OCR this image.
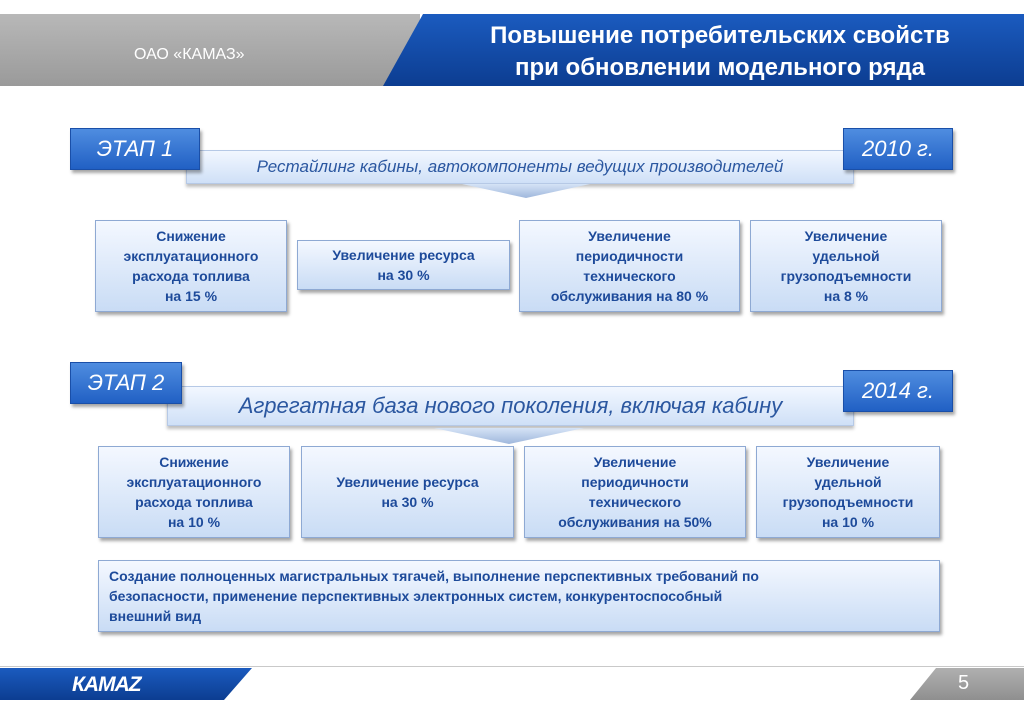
ОАО «КАМАЗ»
Повышение потребительских свойств
при обновлении модельного ряда
Рестайлинг кабины, автокомпоненты ведущих производителей
ЭТАП 1	2010 г.
Снижение
эксплуатационного
расхода топлива
на 15 %
Увеличение ресурса
на 30 %
Увеличение
периодичности
технического
обслуживания на 80 %
Увеличение
удельной
грузоподъемности
на 8 %
Агрегатная база нового поколения, включая кабину
ЭТАП 2	2014 г.
Снижение
эксплуатационного
расхода топлива
на 10 %
Увеличение ресурса
на 30 %
Увеличение
периодичности
технического
обслуживания на 50%
Увеличение
удельной
грузоподъемности
на 10 %
Создание полноценных магистральных тягачей, выполнение перспективных требований по
безопасности, применение перспективных электронных систем, конкурентоспособный
внешний вид
КАМАZ	5
